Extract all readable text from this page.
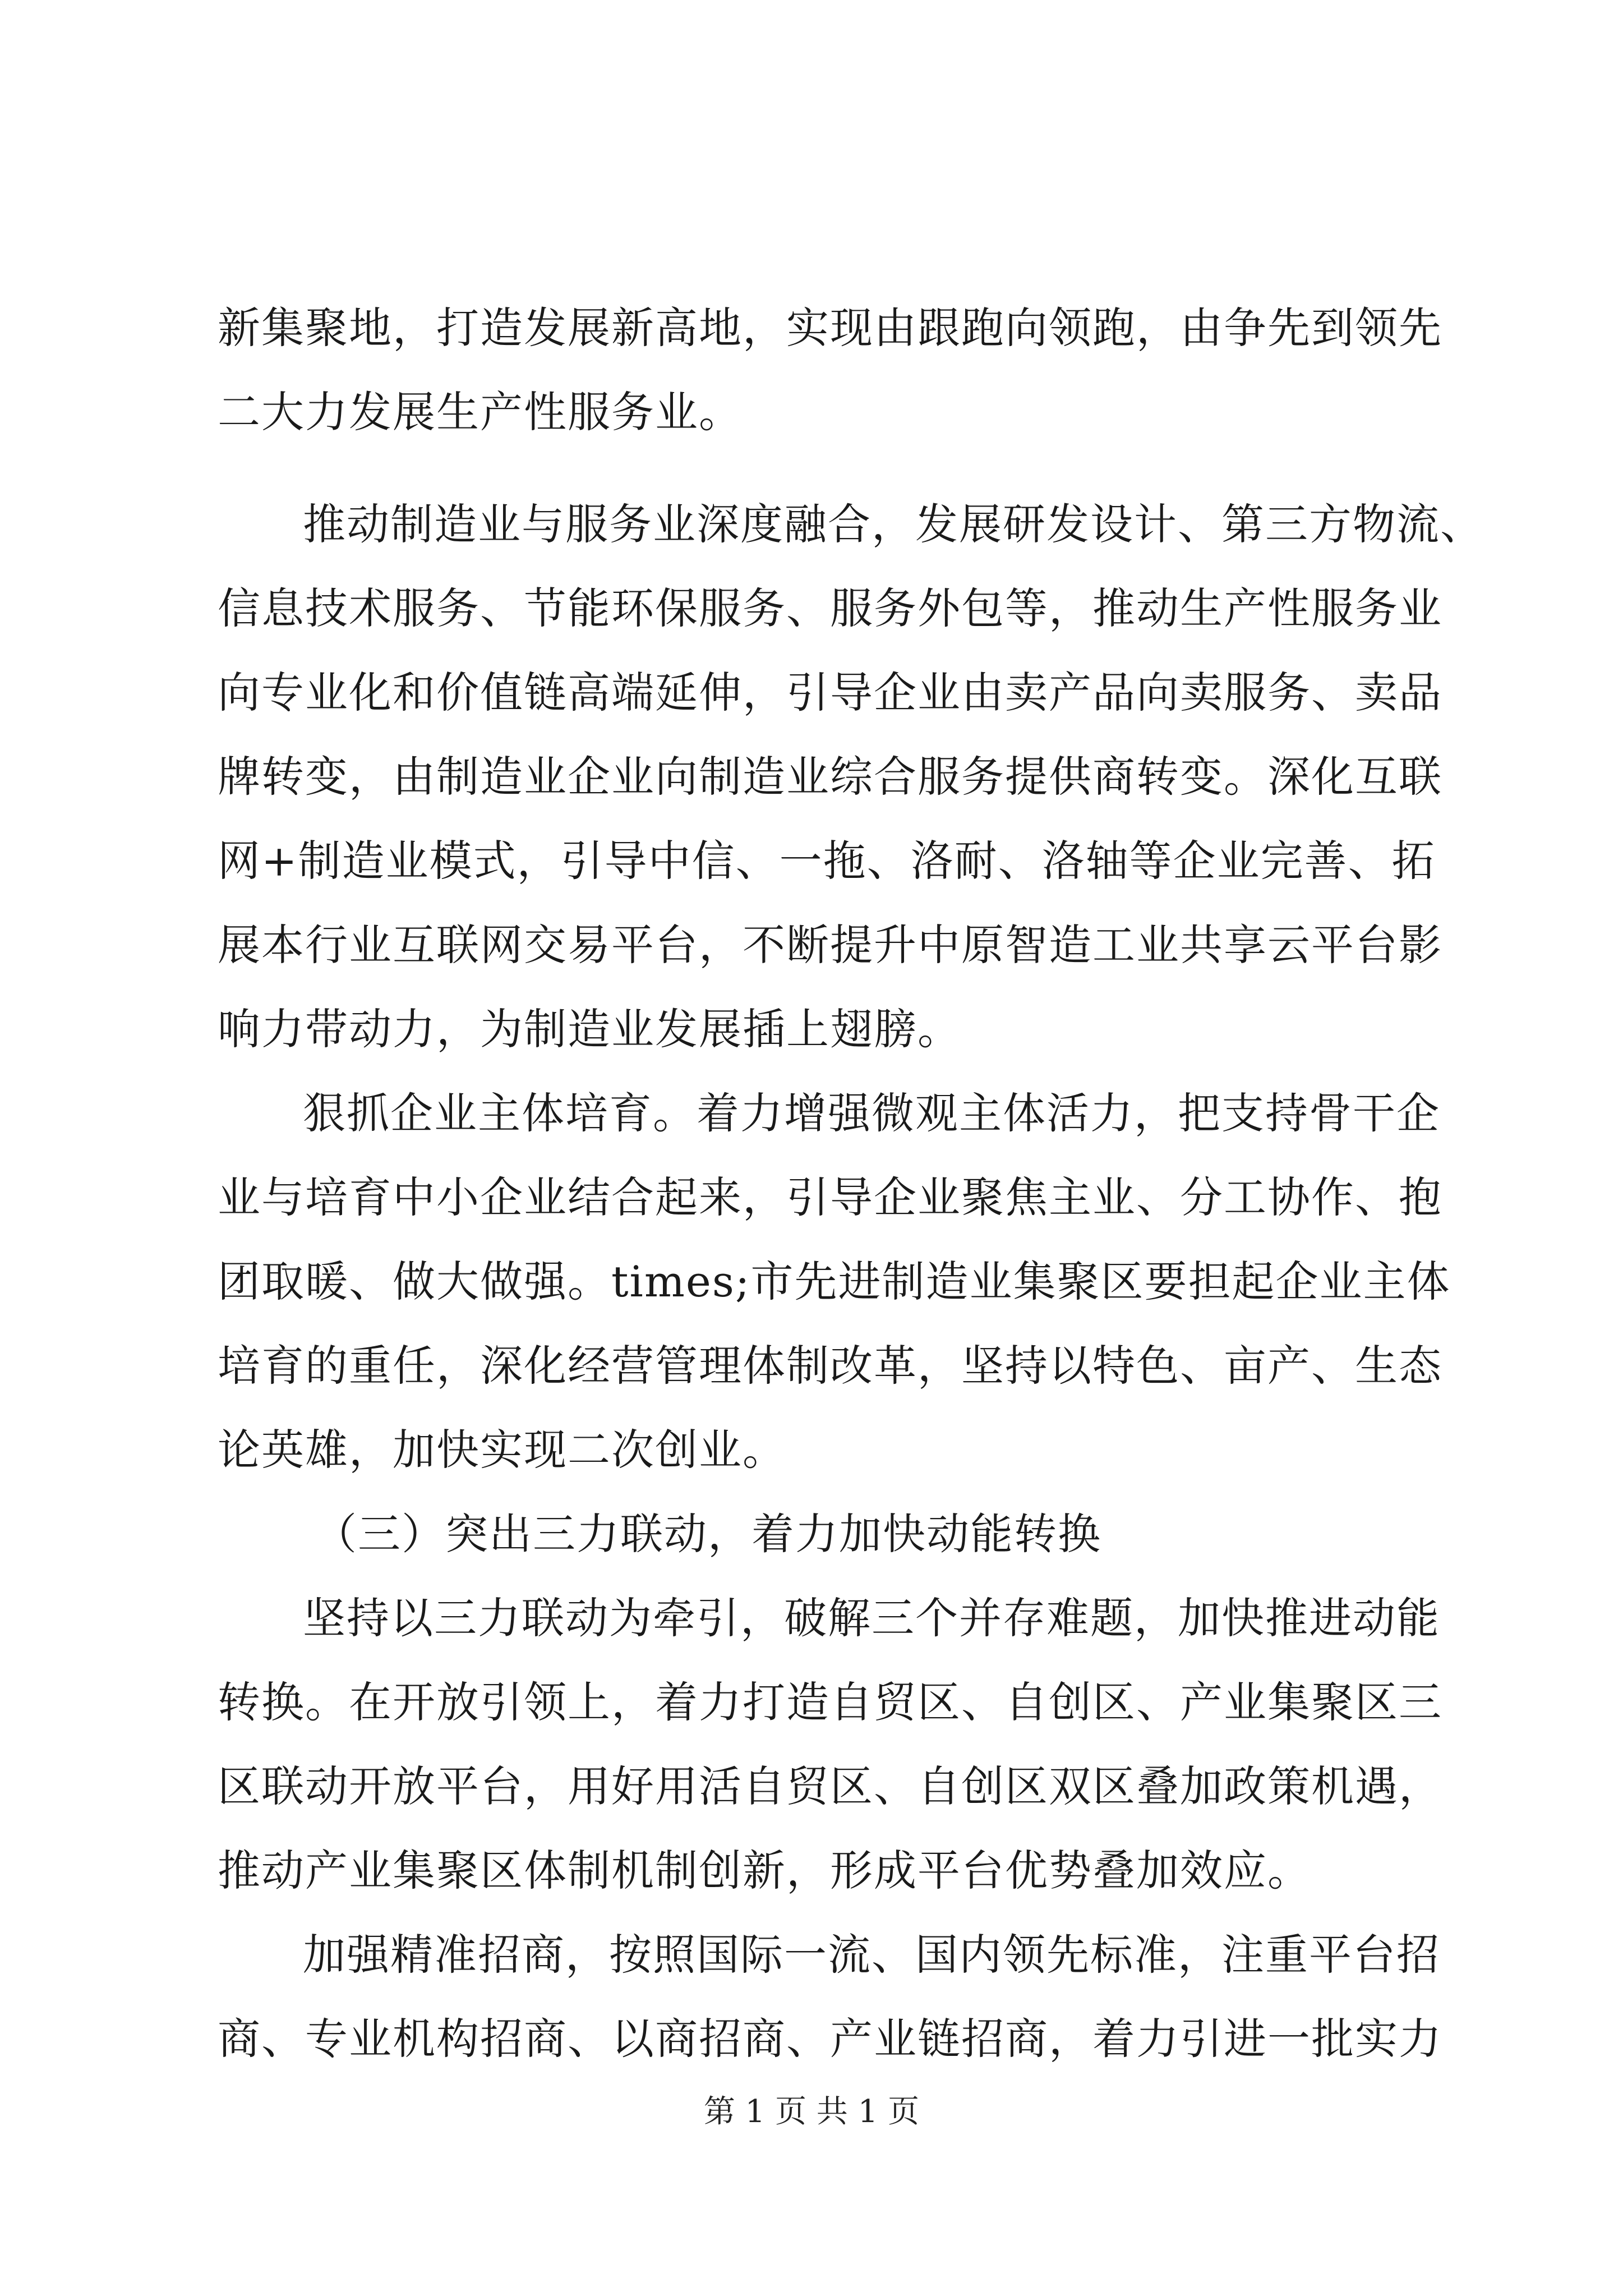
新集聚地，打造发展新高地，实现由跟跑向领跑，由争先到领先
二大力发展生产性服务业。
推动制造业与服务业深度融合，发展研发设计、第三方物流、
信息技术服务、节能环保服务、服务外包等，推动生产性服务业
向专业化和价值链高端延伸，引导企业由卖产品向卖服务、卖品
牌转变，由制造业企业向制造业综合服务提供商转变。深化互联
网+制造业模式，引导中信、一拖、洛耐、洛轴等企业完善、拓
展本行业互联网交易平台，不断提升中原智造工业共享云平台影
响力带动力，为制造业发展插上翅膀。
狠抓企业主体培育。着力增强微观主体活力，把支持骨干企
业与培育中小企业结合起来，引导企业聚焦主业、分工协作、抱
团取暖、做大做强。times;市先进制造业集聚区要担起企业主体
培育的重任，深化经营管理体制改革，坚持以特色、亩产、生态
论英雄，加快实现二次创业。
（三）突出三力联动，着力加快动能转换
坚持以三力联动为牵引，破解三个并存难题，加快推进动能
转换。在开放引领上，着力打造自贸区、自创区、产业集聚区三
区联动开放平台，用好用活自贸区、自创区双区叠加政策机遇，
推动产业集聚区体制机制创新，形成平台优势叠加效应。
加强精准招商，按照国际一流、国内领先标准，注重平台招
商、专业机构招商、以商招商、产业链招商，着力引进一批实力
第 1 页 共 1 页
